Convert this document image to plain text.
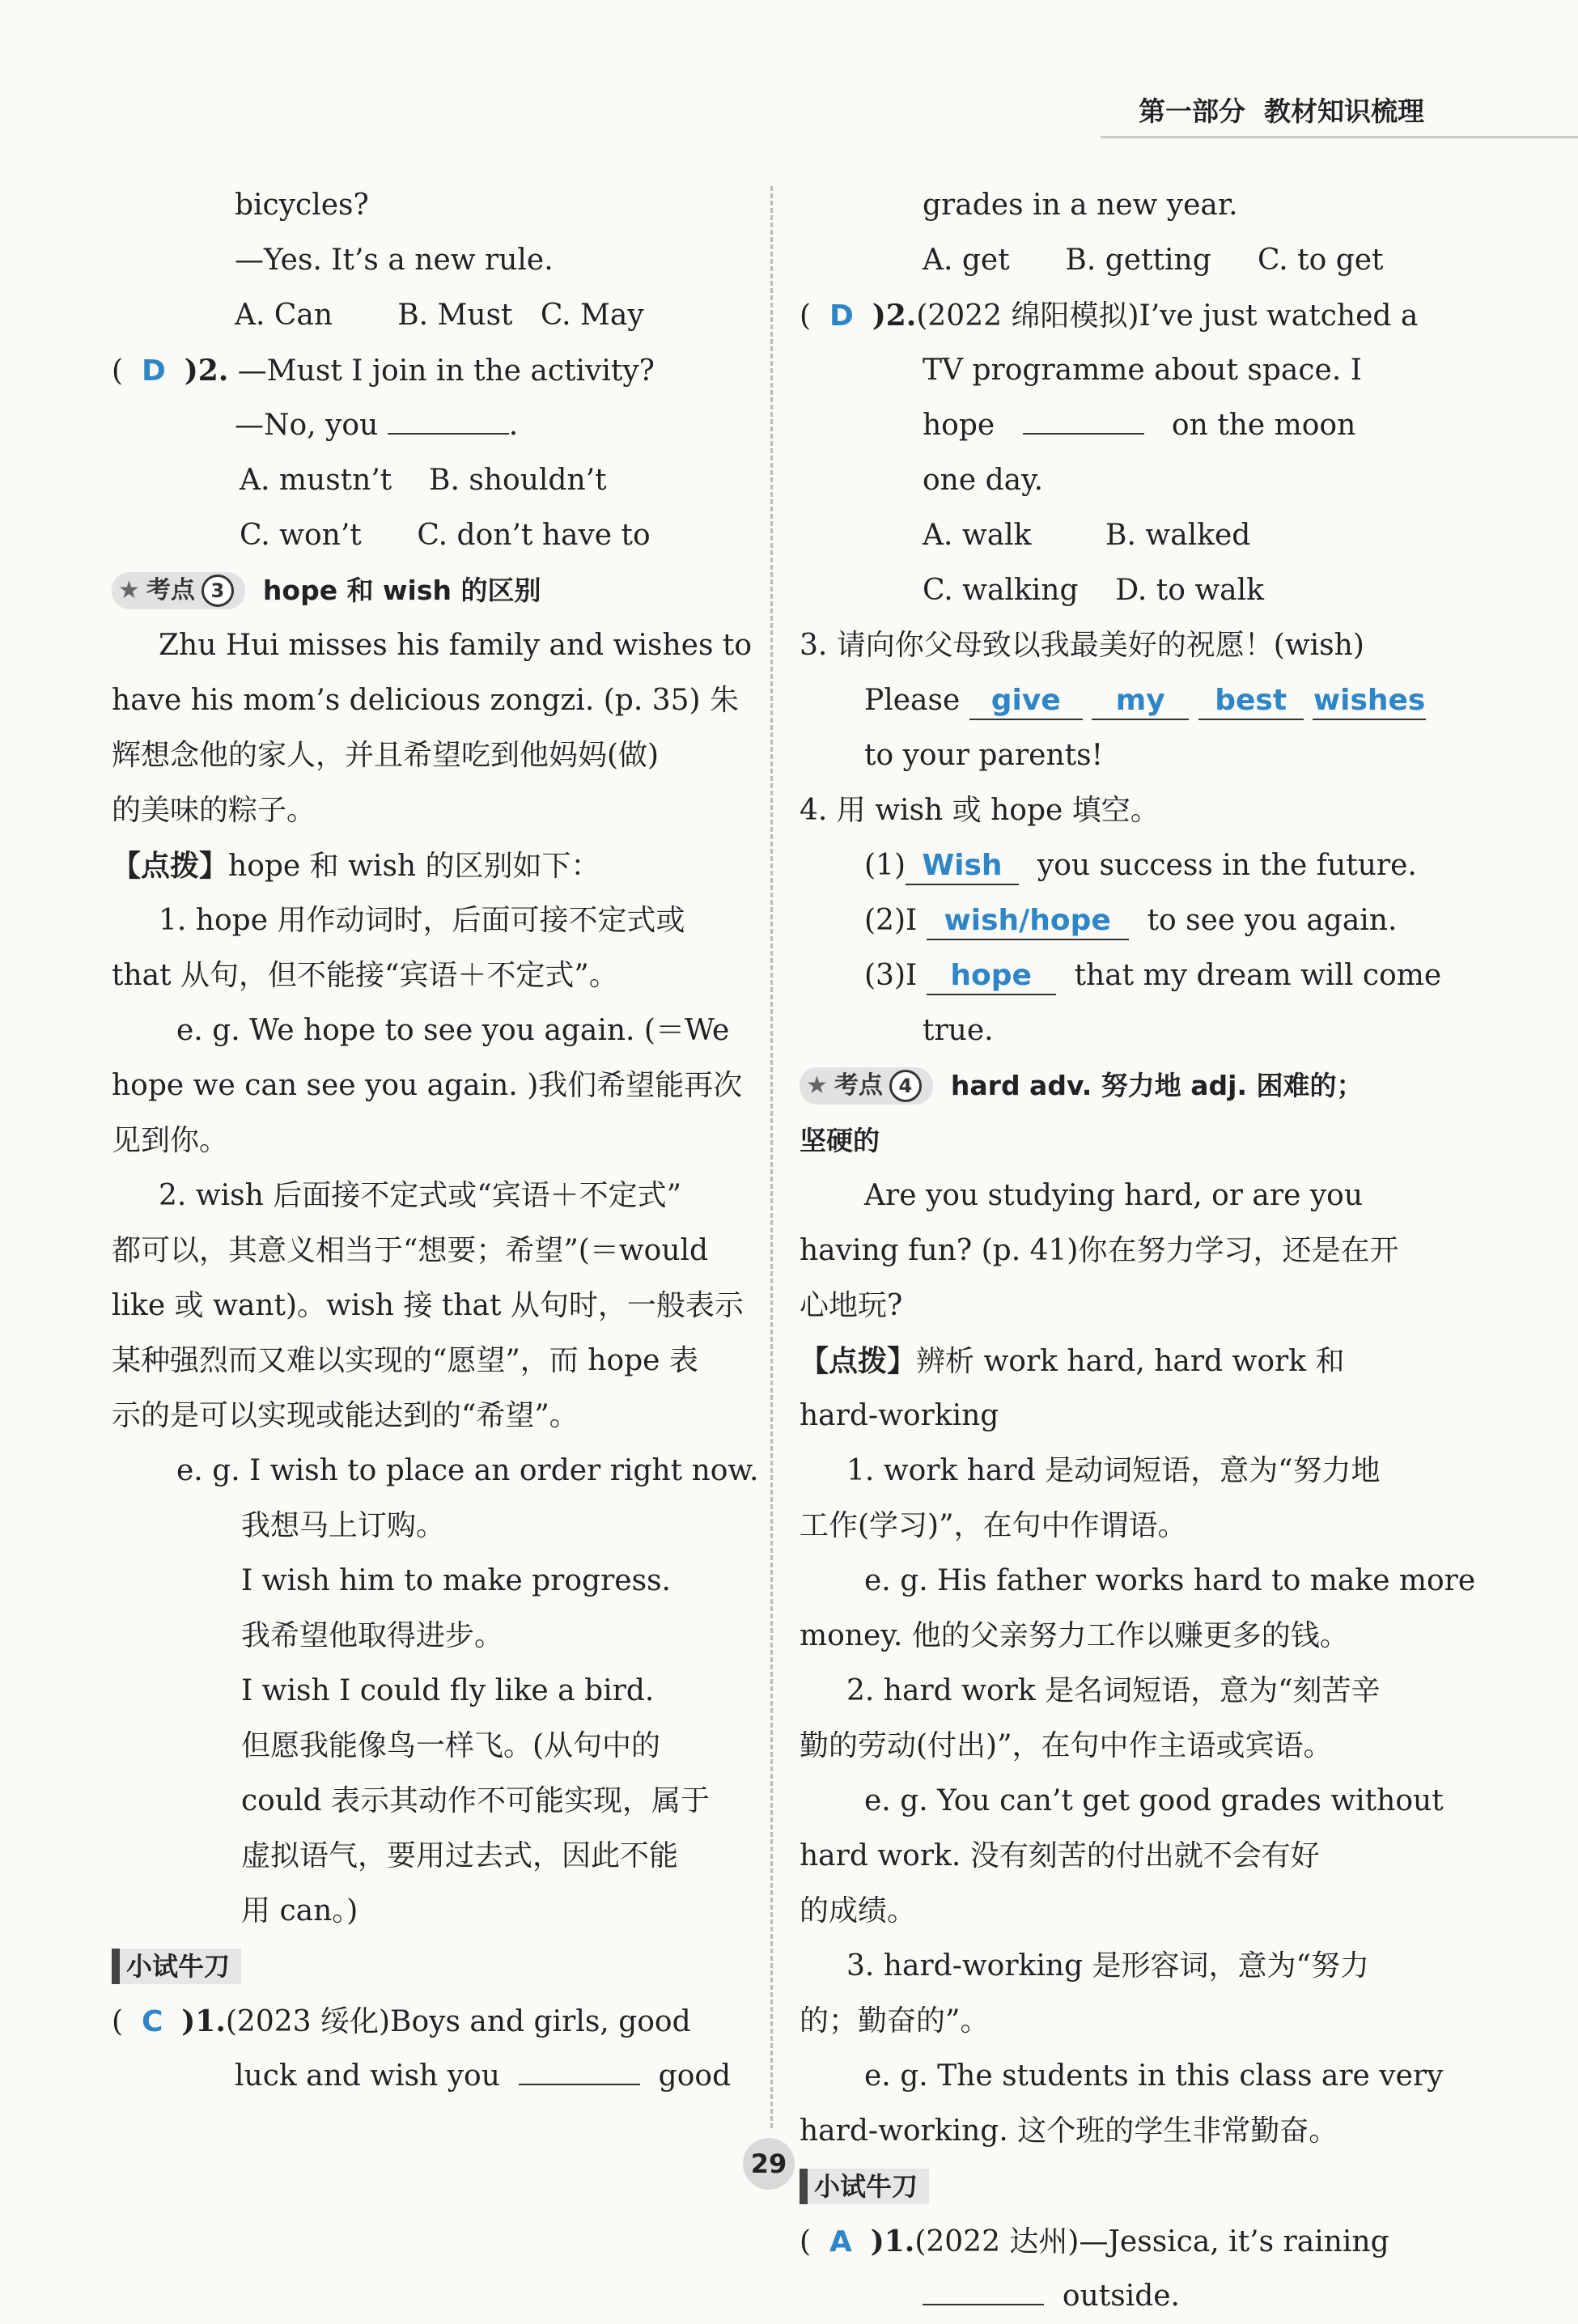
第一部分 教材知识梳理
bicycles?
—Yes. It’s a new rule.
A. Can B. Must C. May
(  D )2. —Must I join in the activity?
—No, you	.
A. mustn’t B. shouldn’t
C. won’t C. don’t have to
★ 考点 3	hope 和 wish 的区别
Zhu Hui misses his family and wishes to
have his mom’s delicious zongzi. (p. 35) 朱
辉想念他的家人，并且希望吃到他妈妈(做)
的美味的粽子。
【点拨】hope 和 wish 的区别如下：
1. hope 用作动词时，后面可接不定式或
that 从句，但不能接“宾语＋不定式”。
e. g. We hope to see you again. (＝We
hope we can see you again. )我们希望能再次
见到你。
2. wish 后面接不定式或“宾语＋不定式”
都可以，其意义相当于“想要；希望”(＝would
like 或 want)。wish 接 that 从句时，一般表示
某种强烈而又难以实现的“愿望”，而 hope 表
示的是可以实现或能达到的“希望”。
e. g. I wish to place an order right now.
我想马上订购。
I wish him to make progress.
我希望他取得进步。
I wish I could fly like a bird.
但愿我能像鸟一样飞。(从句中的
could 表示其动作不可能实现，属于
虚拟语气，要用过去式，因此不能
用 can。)
小试牛刀
(  C )1.(2023 绥化)Boys and girls, good
luck and wish you	good
grades in a new year.
A. get B. getting C. to get
(  D )2.(2022 绵阳模拟)I’ve just watched a
TV programme about space. I
hope	on the moon
one day.
A. walk	B. walked
C. walking D. to walk
3. 请向你父母致以我最美好的祝愿！(wish)
Please give my best wishes
to your parents!
4. 用 wish 或 hope 填空。
(1) Wish you success in the future.
(2)I wish/hope to see you again.
(3)I hope that my dream will come
true.
★ 考点 4	hard adv. 努力地 adj. 困难的；
坚硬的
Are you studying hard, or are you
having fun? (p. 41)你在努力学习，还是在开
心地玩?
【点拨】辨析 work hard, hard work 和
hard-working
1. work hard 是动词短语，意为“努力地
工作(学习)”，在句中作谓语。
e. g. His father works hard to make more
money. 他的父亲努力工作以赚更多的钱。
2. hard work 是名词短语，意为“刻苦辛
勤的劳动(付出)”，在句中作主语或宾语。
e. g. You can’t get good grades without
hard work. 没有刻苦的付出就不会有好
的成绩。
3. hard-working 是形容词，意为“努力
的；勤奋的”。
e. g. The students in this class are very
hard-working. 这个班的学生非常勤奋。
小试牛刀
(  A )1.(2022 达州)—Jessica, it’s raining
outside.
29
